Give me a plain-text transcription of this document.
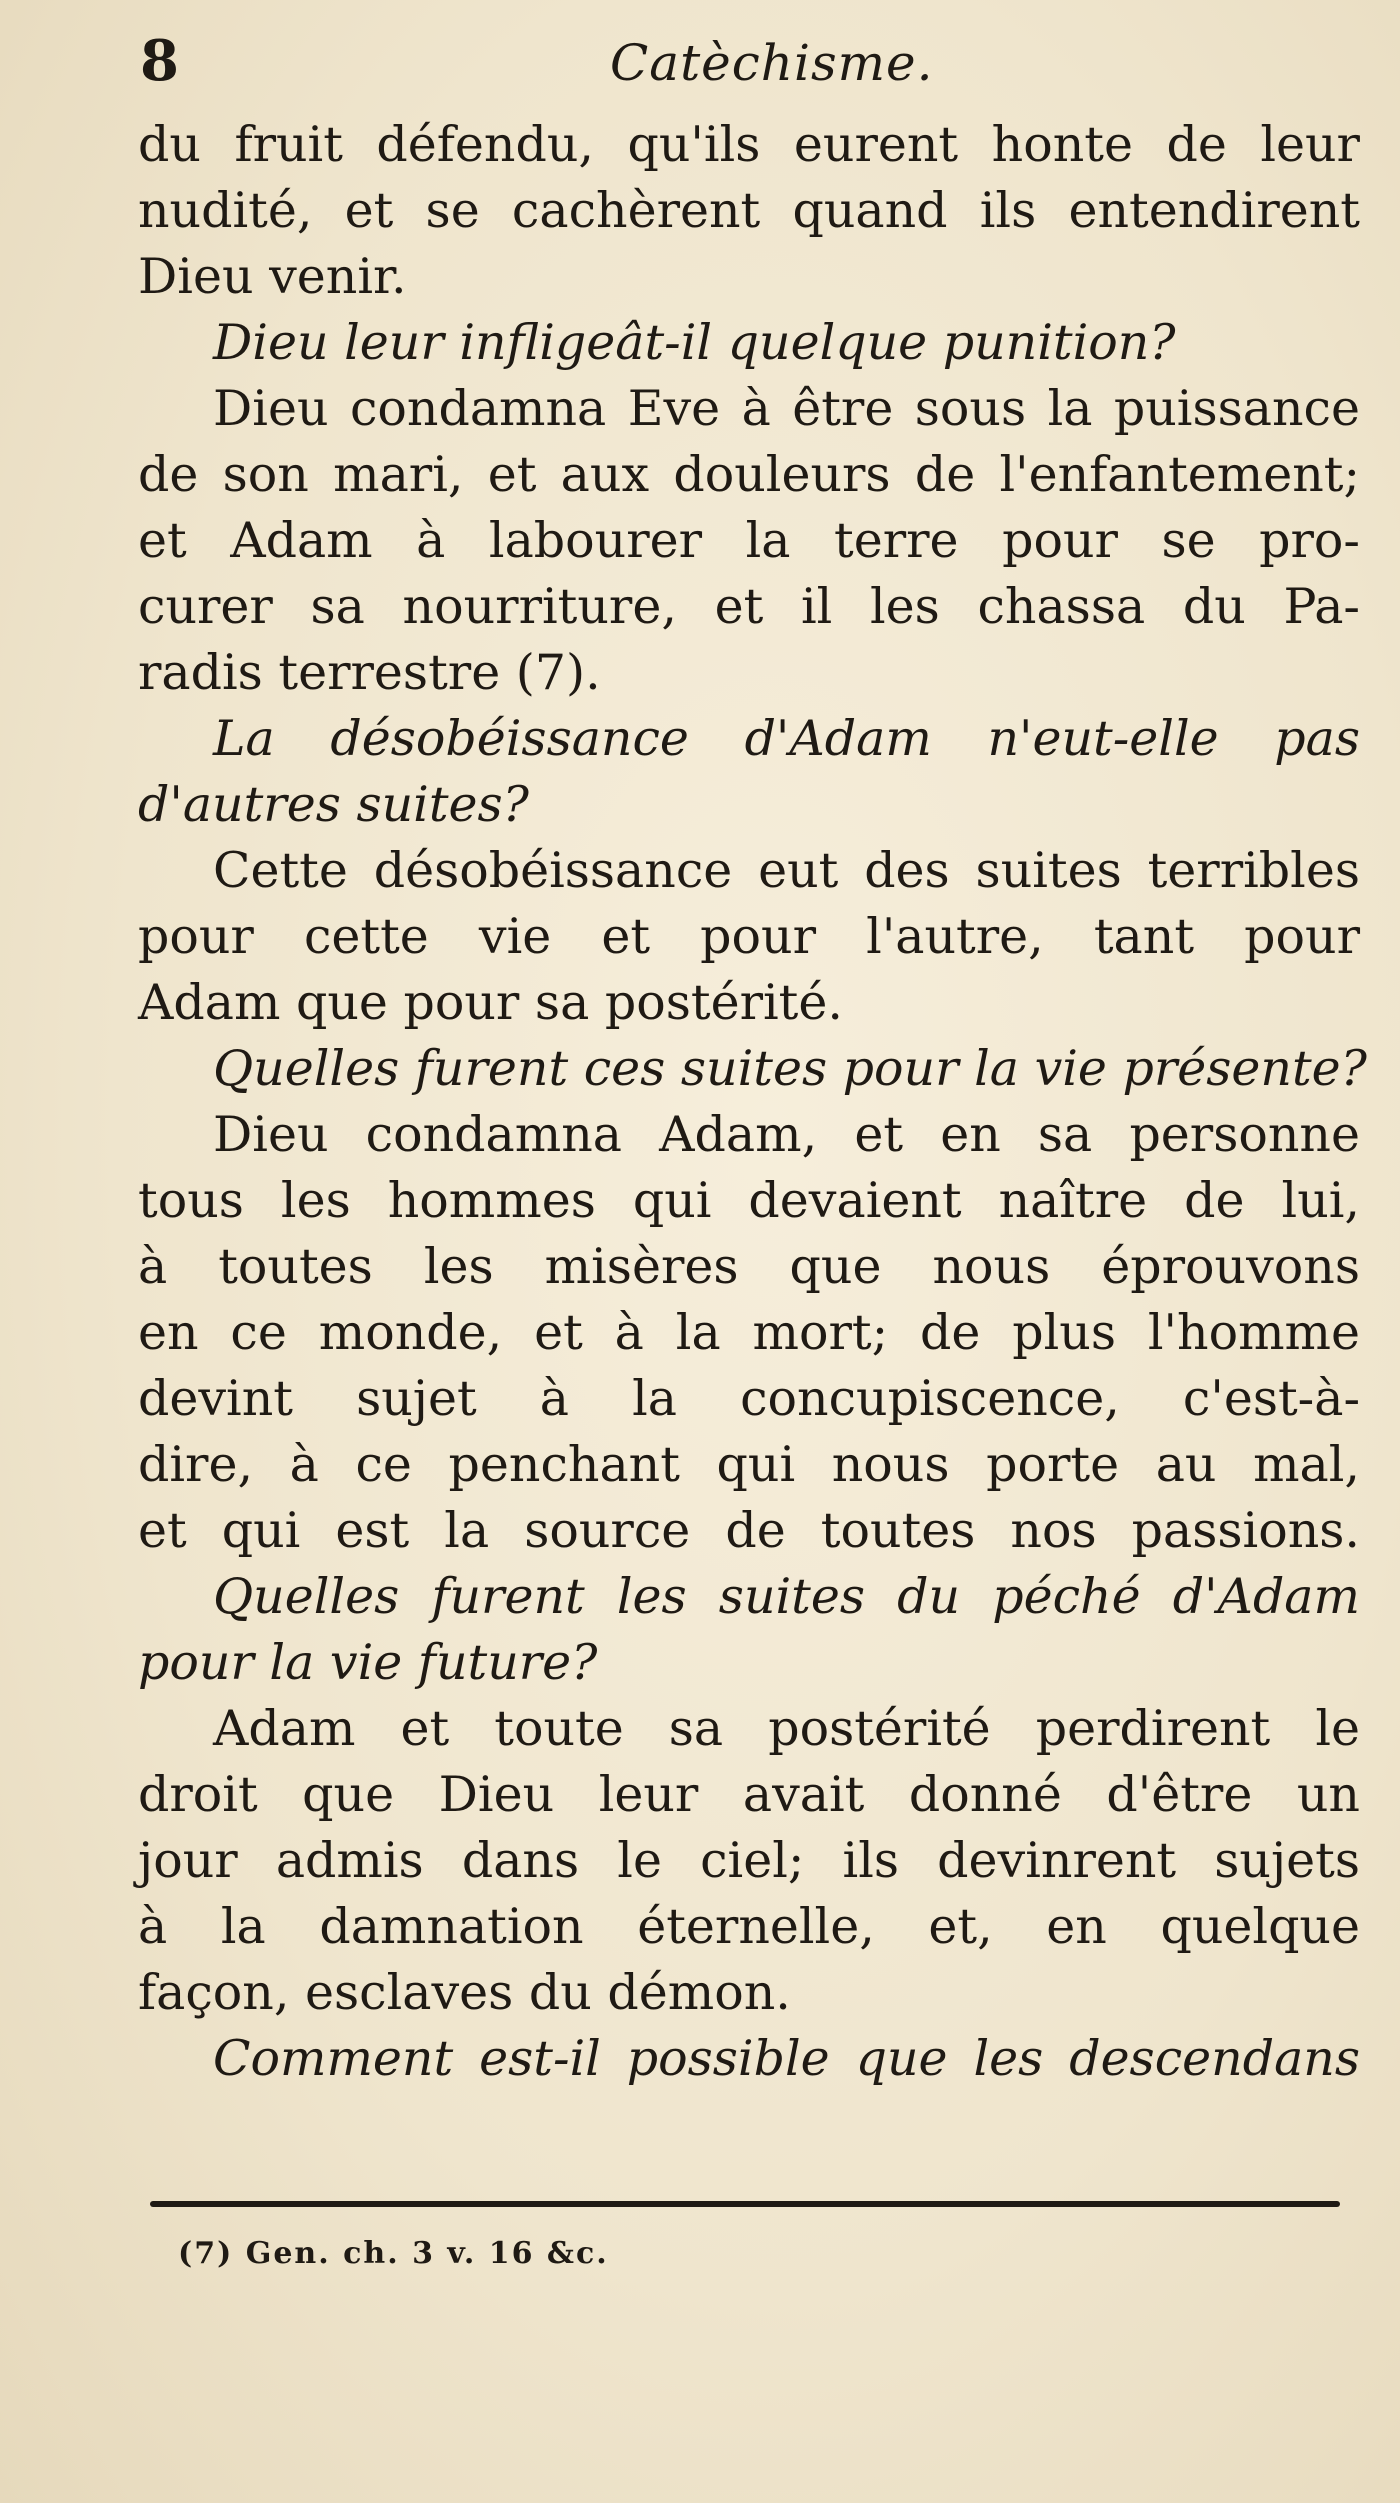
8	Catèchisme.
du fruit défendu, qu'ils eurent honte de leur
nudité, et se cachèrent quand ils entendirent
Dieu venir.
Dieu leur infligeât-il quelque punition?
Dieu condamna Eve à être sous la puissance
de son mari, et aux douleurs de l'enfantement;
et Adam à labourer la terre pour se pro-
curer sa nourriture, et il les chassa du Pa-
radis terrestre (7).
La désobéissance d'Adam n'eut-elle pas
d'autres suites?
Cette désobéissance eut des suites terribles
pour cette vie et pour l'autre, tant pour
Adam que pour sa postérité.
Quelles furent ces suites pour la vie présente?
Dieu condamna Adam, et en sa personne
tous les hommes qui devaient naître de lui,
à toutes les misères que nous éprouvons
en ce monde, et à la mort; de plus l'homme
devint sujet à la concupiscence, c'est-à-
dire, à ce penchant qui nous porte au mal,
et qui est la source de toutes nos passions.
Quelles furent les suites du péché d'Adam
pour la vie future?
Adam et toute sa postérité perdirent le
droit que Dieu leur avait donné d'être un
jour admis dans le ciel; ils devinrent sujets
à la damnation éternelle, et, en quelque
façon, esclaves du démon.
Comment est-il possible que les descendans
(7) Gen. ch. 3 v. 16 &c.
